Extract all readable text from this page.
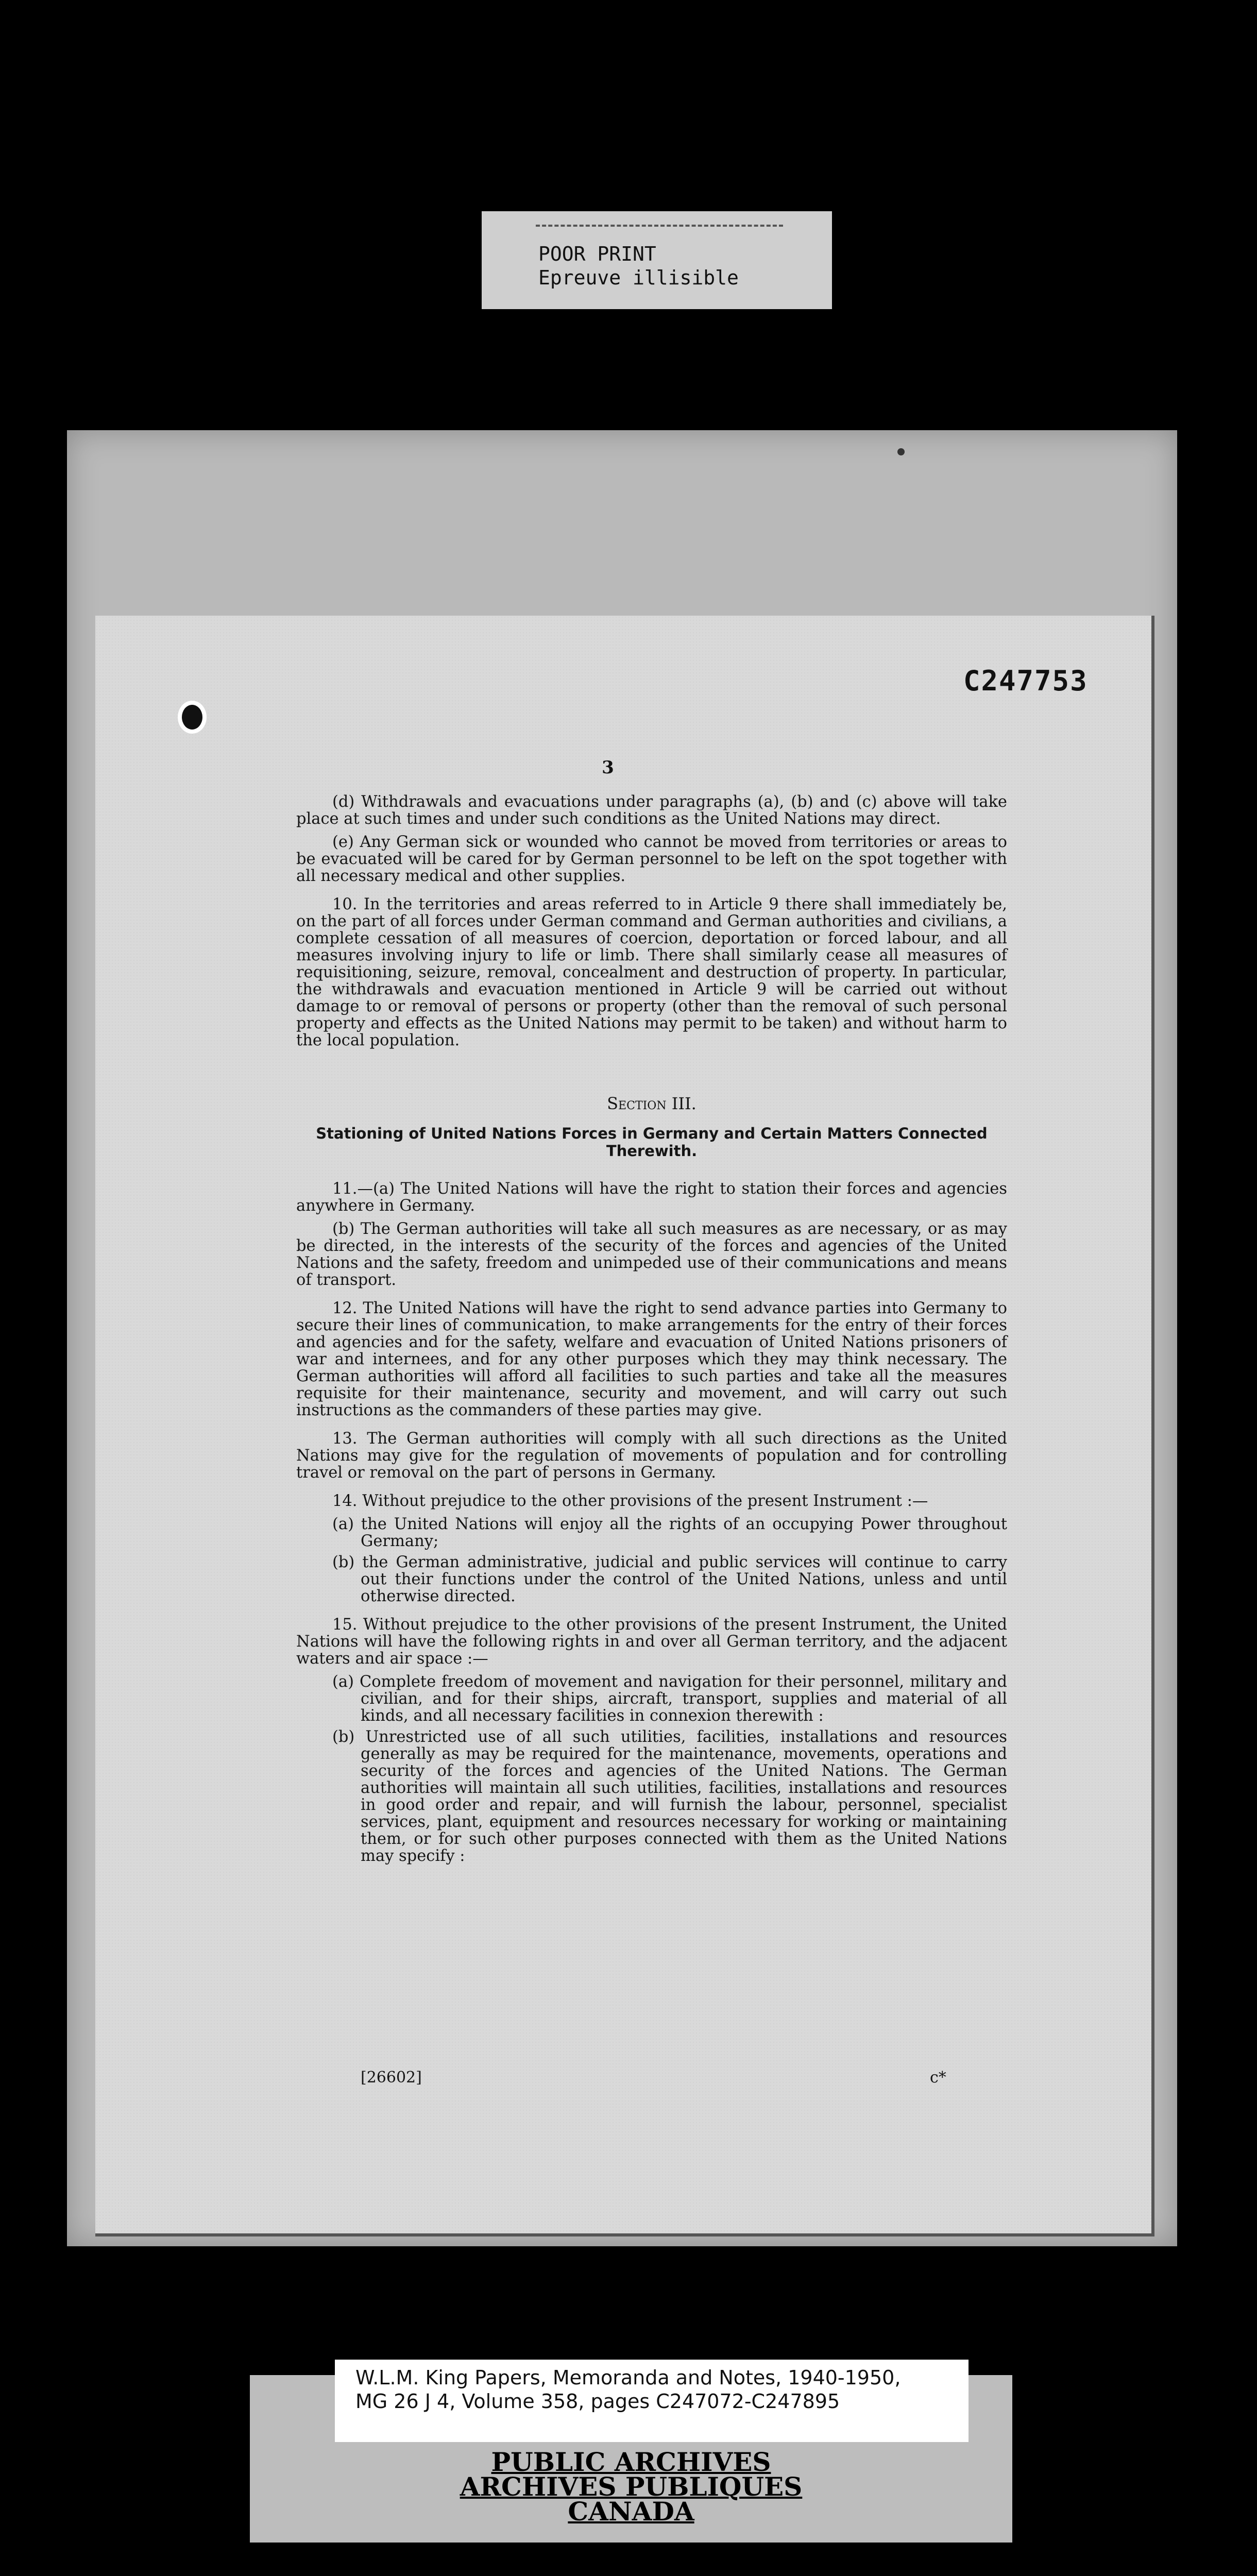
POOR PRINT
Epreuve illisible
C247753
3

(d) Withdrawals and evacuations under paragraphs (a), (b) and (c) above will take place at such times and under such conditions as the United Nations may direct.

(e) Any German sick or wounded who cannot be moved from territories or areas to be evacuated will be cared for by German personnel to be left on the spot together with all necessary medical and other supplies.

10. In the territories and areas referred to in Article 9 there shall immediately be, on the part of all forces under German command and German authorities and civilians, a complete cessation of all measures of coercion, deportation or forced labour, and all measures involving injury to life or limb. There shall similarly cease all measures of requisitioning, seizure, removal, concealment and destruction of property. In particular, the withdrawals and evacuation mentioned in Article 9 will be carried out without damage to or removal of persons or property (other than the removal of such personal property and effects as the United Nations may permit to be taken) and without harm to the local population.

Section III.

Stationing of United Nations Forces in Germany and Certain Matters Connected Therewith.

11.—(a) The United Nations will have the right to station their forces and agencies anywhere in Germany.

(b) The German authorities will take all such measures as are necessary, or as may be directed, in the interests of the security of the forces and agencies of the United Nations and the safety, freedom and unimpeded use of their communications and means of transport.

12. The United Nations will have the right to send advance parties into Germany to secure their lines of communication, to make arrangements for the entry of their forces and agencies and for the safety, welfare and evacuation of United Nations prisoners of war and internees, and for any other purposes which they may think necessary. The German authorities will afford all facilities to such parties and take all the measures requisite for their maintenance, security and movement, and will carry out such instructions as the commanders of these parties may give.

13. The German authorities will comply with all such directions as the United Nations may give for the regulation of movements of population and for controlling travel or removal on the part of persons in Germany.

14. Without prejudice to the other provisions of the present Instrument :—

(a) the United Nations will enjoy all the rights of an occupying Power throughout Germany;

(b) the German administrative, judicial and public services will continue to carry out their functions under the control of the United Nations, unless and until otherwise directed.

15. Without prejudice to the other provisions of the present Instrument, the United Nations will have the following rights in and over all German territory, and the adjacent waters and air space :—

(a) Complete freedom of movement and navigation for their personnel, military and civilian, and for their ships, aircraft, transport, supplies and material of all kinds, and all necessary facilities in connexion therewith :

(b) Unrestricted use of all such utilities, facilities, installations and resources generally as may be required for the maintenance, movements, operations and security of the forces and agencies of the United Nations. The German authorities will maintain all such utilities, facilities, installations and resources in good order and repair, and will furnish the labour, personnel, specialist services, plant, equipment and resources necessary for working or maintaining them, or for such other purposes connected with them as the United Nations may specify :

[26602]	c*
W.L.M. King Papers, Memoranda and Notes, 1940-1950,
MG 26 J 4, Volume 358, pages C247072-C247895
PUBLIC ARCHIVES
ARCHIVES PUBLIQUES
CANADA
